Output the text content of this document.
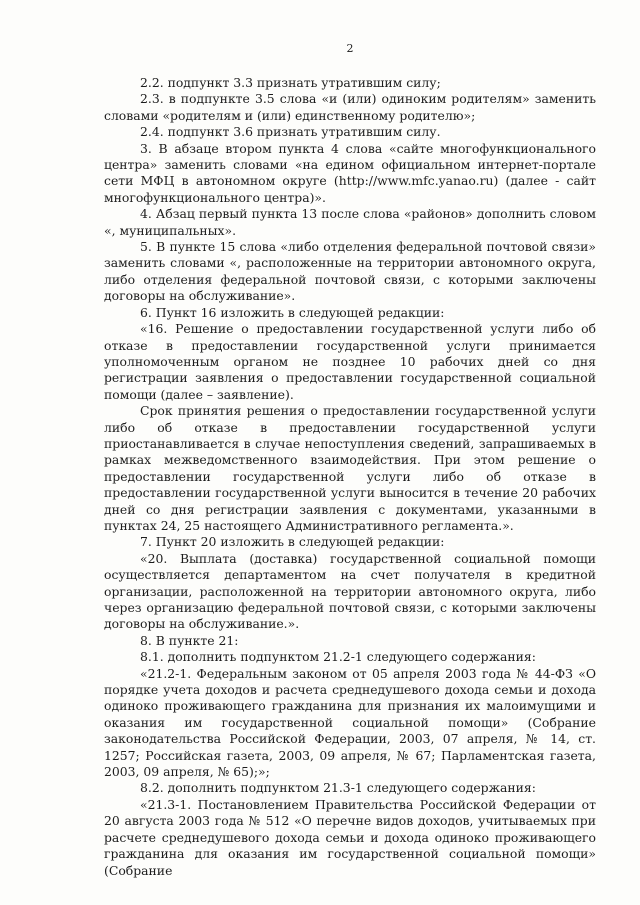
2

2.2. подпункт 3.3 признать утратившим силу;

2.3. в подпункте 3.5 слова «и (или) одиноким родителям» заменить словами «родителям и (или) единственному родителю»;

2.4. подпункт 3.6 признать утратившим силу.

3. В абзаце втором пункта 4 слова «сайте многофункционального центра» заменить словами «на едином официальном интернет-портале сети МФЦ в автономном округе (http://www.mfc.yanao.ru) (далее - сайт многофункционального центра)».

4. Абзац первый пункта 13 после слова «районов» дополнить словом «, муниципальных».

5. В пункте 15 слова «либо отделения федеральной почтовой связи» заменить словами «, расположенные на территории автономного округа, либо отделения федеральной почтовой связи, с которыми заключены договоры на обслуживание».

6. Пункт 16 изложить в следующей редакции:

«16. Решение о предоставлении государственной услуги либо об отказе в предоставлении государственной услуги принимается уполномоченным органом не позднее 10 рабочих дней со дня регистрации заявления о предоставлении государственной социальной помощи (далее – заявление).

Срок принятия решения о предоставлении государственной услуги либо об отказе в предоставлении государственной услуги приостанавливается в случае непоступления сведений, запрашиваемых в рамках межведомственного взаимодействия. При этом решение о предоставлении государственной услуги либо об отказе в предоставлении государственной услуги выносится в течение 20 рабочих дней со дня регистрации заявления с документами, указанными в пунктах 24, 25 настоящего Административного регламента.».

7. Пункт 20 изложить в следующей редакции:

«20. Выплата (доставка) государственной социальной помощи осуществляется департаментом на счет получателя в кредитной организации, расположенной на территории автономного округа, либо через организацию федеральной почтовой связи, с которыми заключены договоры на обслуживание.».

8. В пункте 21:

8.1. дополнить подпунктом 21.2-1 следующего содержания:

«21.2-1. Федеральным законом от 05 апреля 2003 года № 44-ФЗ «О порядке учета доходов и расчета среднедушевого дохода семьи и дохода одиноко проживающего гражданина для признания их малоимущими и оказания им государственной социальной помощи» (Собрание законодательства Российской Федерации, 2003, 07 апреля, № 14, ст. 1257; Российская газета, 2003, 09 апреля, № 67; Парламентская газета, 2003, 09 апреля, № 65);»;

8.2. дополнить подпунктом 21.3-1 следующего содержания:

«21.3-1. Постановлением Правительства Российской Федерации от 20 августа 2003 года № 512 «О перечне видов доходов, учитываемых при расчете среднедушевого дохода семьи и дохода одиноко проживающего гражданина для оказания им государственной социальной помощи» (Собрание
